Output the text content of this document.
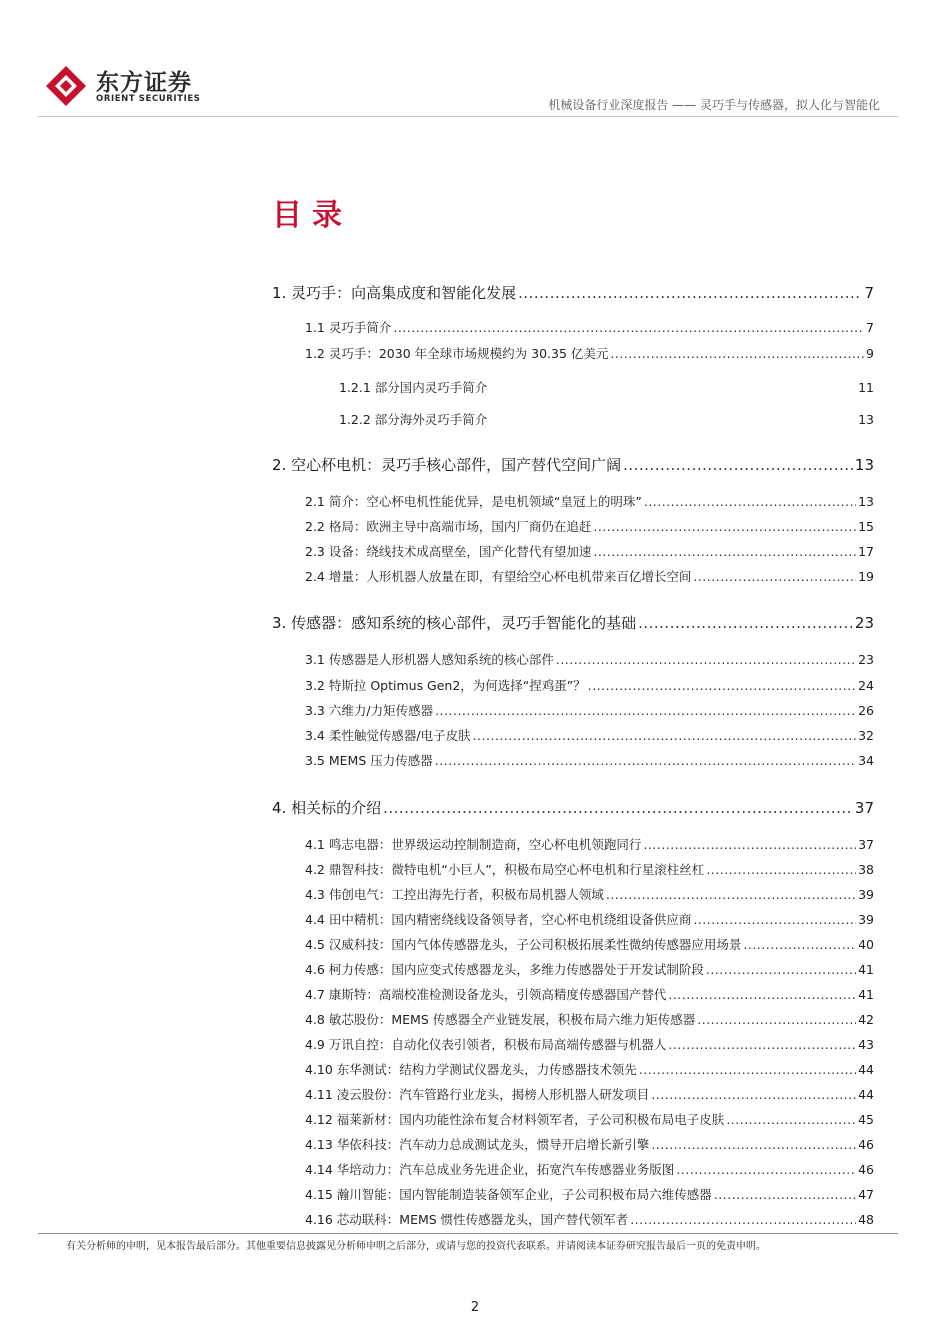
东方证券
ORIENT SECURITIES	机械设备行业深度报告 —— 灵巧手与传感器，拟人化与智能化
目录
1. 灵巧手：向高集成度和智能化发展 .....	7
1.1 灵巧手简介 .....	7
1.2 灵巧手：2030 年全球市场规模约为 30.35 亿美元 .....	9
1.2.1 部分国内灵巧手简介	11
1.2.2 部分海外灵巧手简介	13
2. 空心杯电机：灵巧手核心部件，国产替代空间广阔 .....	13
2.1 简介：空心杯电机性能优异，是电机领域“皇冠上的明珠” .....	13
2.2 格局：欧洲主导中高端市场，国内厂商仍在追赶 .....	15
2.3 设备：绕线技术成高壁垒，国产化替代有望加速 .....	17
2.4 增量：人形机器人放量在即，有望给空心杯电机带来百亿增长空间 .....	19
3. 传感器：感知系统的核心部件，灵巧手智能化的基础 .....	23
3.1 传感器是人形机器人感知系统的核心部件 .....	23
3.2 特斯拉 Optimus Gen2，为何选择“捏鸡蛋”？ .....	24
3.3 六维力/力矩传感器 .....	26
3.4 柔性触觉传感器/电子皮肤 .....	32
3.5 MEMS 压力传感器 .....	34
4. 相关标的介绍 .....	37
4.1 鸣志电器：世界级运动控制制造商，空心杯电机领跑同行 .....	37
4.2 鼎智科技：微特电机“小巨人”，积极布局空心杯电机和行星滚柱丝杠 .....	38
4.3 伟创电气：工控出海先行者，积极布局机器人领域 .....	39
4.4 田中精机：国内精密绕线设备领导者，空心杯电机绕组设备供应商 .....	39
4.5 汉威科技：国内气体传感器龙头，子公司积极拓展柔性微纳传感器应用场景 .....	40
4.6 柯力传感：国内应变式传感器龙头，多维力传感器处于开发试制阶段 .....	41
4.7 康斯特：高端校准检测设备龙头，引领高精度传感器国产替代 .....	41
4.8 敏芯股份：MEMS 传感器全产业链发展，积极布局六维力矩传感器 .....	42
4.9 万讯自控：自动化仪表引领者，积极布局高端传感器与机器人 .....	43
4.10 东华测试：结构力学测试仪器龙头，力传感器技术领先 .....	44
4.11 凌云股份：汽车管路行业龙头，揭榜人形机器人研发项目 .....	44
4.12 福莱新材：国内功能性涂布复合材料领军者，子公司积极布局电子皮肤 .....	45
4.13 华依科技：汽车动力总成测试龙头，惯导开启增长新引擎 .....	46
4.14 华培动力：汽车总成业务先进企业，拓宽汽车传感器业务版图 .....	46
4.15 瀚川智能：国内智能制造装备领军企业，子公司积极布局六维传感器 .....	47
4.16 芯动联科：MEMS 惯性传感器龙头，国产替代领军者 .....	48
有关分析师的申明，见本报告最后部分。其他重要信息披露见分析师申明之后部分，或请与您的投资代表联系。并请阅读本证券研究报告最后一页的免责申明。
2
